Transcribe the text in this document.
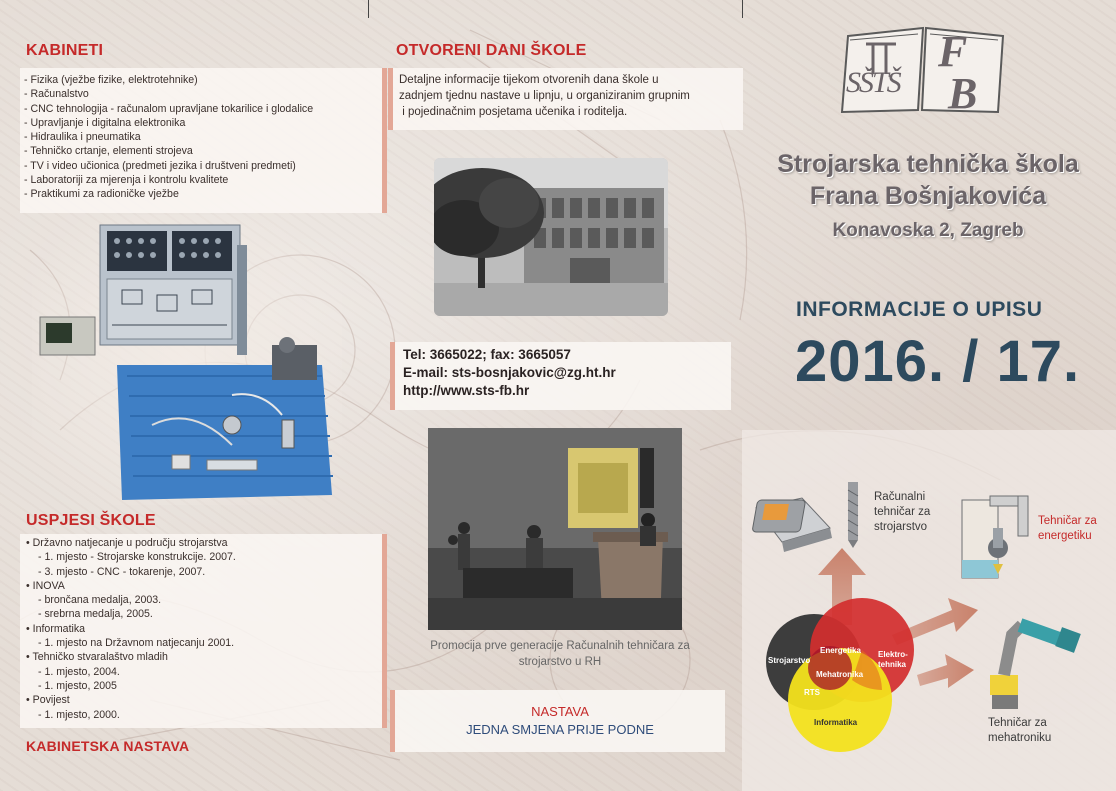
KABINETI
- Fizika (vježbe fizike, elektrotehnike)
- Računalstvo
- CNC tehnologija - računalom upravljane tokarilice i glodalice
- Upravljanje i digitalna elektronika
- Hidraulika i pneumatika
- Tehničko crtanje, elementi strojeva
- TV i video učionica (predmeti jezika i društveni predmeti)
- Laboratoriji za mjerenja i kontrolu kvalitete
- Praktikumi za radioničke vježbe
USPJESI ŠKOLE
• Državno natjecanje u području strojarstva
- 1. mjesto - Strojarske konstrukcije. 2007.
- 3. mjesto - CNC - tokarenje, 2007.
• INOVA
- brončana medalja, 2003.
- srebrna medalja, 2005.
• Informatika
- 1. mjesto na Državnom natjecanju 2001.
• Tehničko stvaralaštvo mladih
- 1. mjesto, 2004.
- 1. mjesto, 2005
• Povijest
- 1. mjesto, 2000.
KABINETSKA NASTAVA
OTVORENI DANI ŠKOLE
Detaljne informacije tijekom otvorenih dana škole u
zadnjem tjednu nastave u lipnju, u organiziranim grupnim
i pojedinačnim posjetama učenika i roditelja.
Tel: 3665022; fax: 3665057
E-mail: sts-bosnjakovic@zg.ht.hr
http://www.sts-fb.hr
Promocija prve generacije Računalnih tehničara za
strojarstvo u RH
NASTAVA
JEDNA SMJENA PRIJE PODNE
SŠTŠ
F
B
Strojarska tehnička škola
Frana Bošnjakovića
Konavoska 2, Zagreb
INFORMACIJE O UPISU
2016. / 17.
Računalni
tehničar za
strojarstvo	Tehničar za
energetiku
Tehničar za
mehatroniku
Strojarstvo
Energetika Elektro-
tehnika
Mehatronika
RTS
Informatika
